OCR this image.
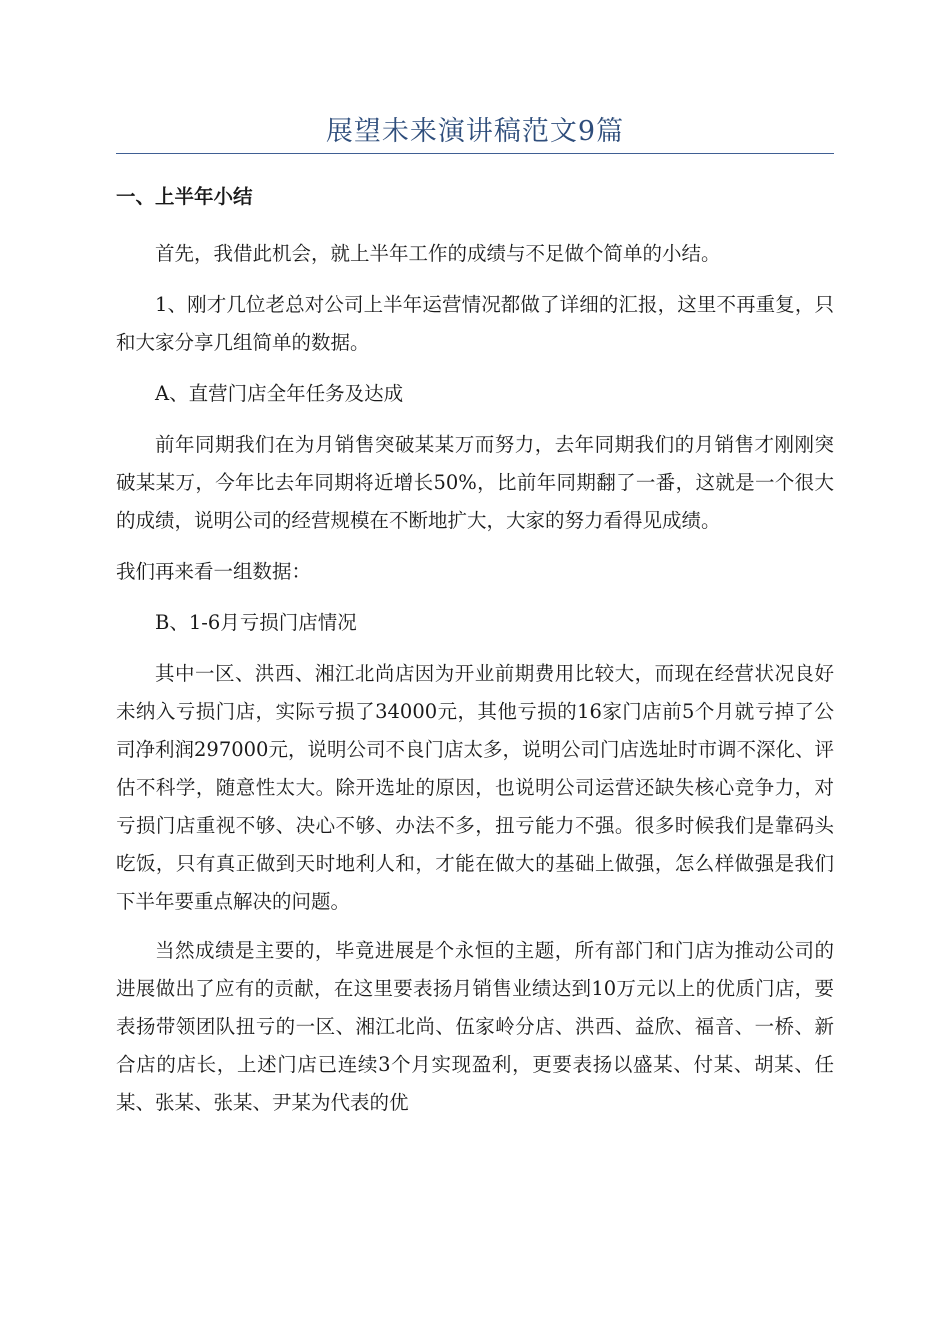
展望未来演讲稿范文9篇
一、上半年小结

首先，我借此机会，就上半年工作的成绩与不足做个简单的小结。

1、刚才几位老总对公司上半年运营情况都做了详细的汇报，这里不再重复，只和大家分享几组简单的数据。

A、直营门店全年任务及达成

前年同期我们在为月销售突破某某万而努力，去年同期我们的月销售才刚刚突破某某万，今年比去年同期将近增长50%，比前年同期翻了一番，这就是一个很大的成绩，说明公司的经营规模在不断地扩大，大家的努力看得见成绩。

我们再来看一组数据：

B、1-6月亏损门店情况

其中一区、洪西、湘江北尚店因为开业前期费用比较大，而现在经营状况良好未纳入亏损门店，实际亏损了34000元，其他亏损的16家门店前5个月就亏掉了公司净利润297000元，说明公司不良门店太多，说明公司门店选址时市调不深化、评估不科学，随意性太大。除开选址的原因，也说明公司运营还缺失核心竞争力，对亏损门店重视不够、决心不够、办法不多，扭亏能力不强。很多时候我们是靠码头吃饭，只有真正做到天时地利人和，才能在做大的基础上做强，怎么样做强是我们下半年要重点解决的问题。

当然成绩是主要的，毕竟进展是个永恒的主题，所有部门和门店为推动公司的进展做出了应有的贡献，在这里要表扬月销售业绩达到10万元以上的优质门店，要表扬带领团队扭亏的一区、湘江北尚、伍家岭分店、洪西、益欣、福音、一桥、新合店的店长，上述门店已连续3个月实现盈利，更要表扬以盛某、付某、胡某、任某、张某、张某、尹某为代表的优
